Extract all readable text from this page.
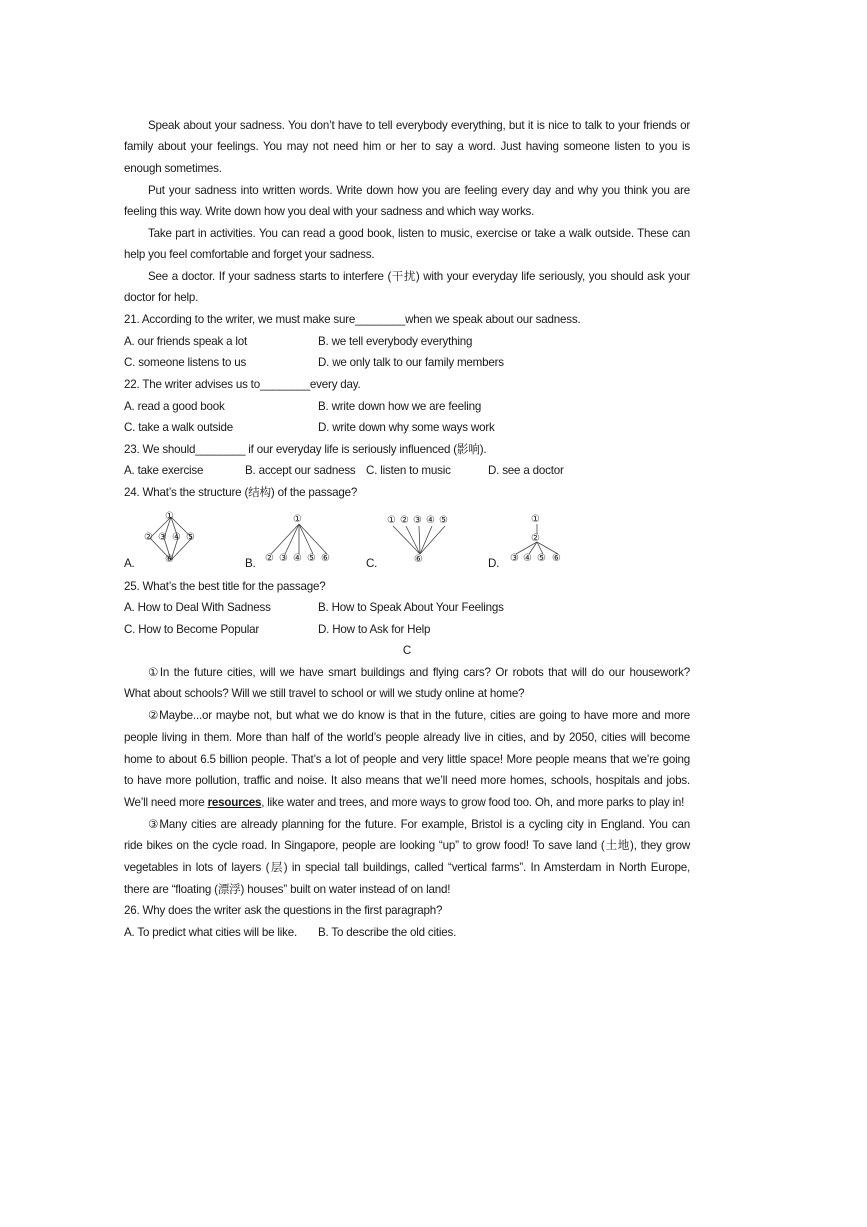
Speak about your sadness. You don’t have to tell everybody everything, but it is nice to talk to your friends or
family about your feelings. You may not need him or her to say a word. Just having someone listen to you is
enough sometimes.
Put your sadness into written words. Write down how you are feeling every day and why you think you are
feeling this way. Write down how you deal with your sadness and which way works.
Take part in activities. You can read a good book, listen to music, exercise or take a walk outside. These can
help you feel comfortable and forget your sadness.
See a doctor. If your sadness starts to interfere (干扰) with your everyday life seriously, you should ask your
doctor for help.
21. According to the writer, we must make sure________when we speak about our sadness.
A. our friends speak a lot	B. we tell everybody everything
C. someone listens to us	D. we only talk to our family members
22. The writer advises us to________every day.
A. read a good book	B. write down how we are feeling
C. take a walk outside	D. write down why some ways work
23. We should________ if our everyday life is seriously influenced (影响).
A. take exercise	B. accept our sadness C. listen to music	D. see a doctor
24. What’s the structure (结构) of the passage?
A.
①
② ③ ④ ⑤
⑥	B.
①
② ③ ④ ⑤ ⑥	C.
① ② ③ ④ ⑤
⑥	D.
①
②
③ ④ ⑤ ⑥
25. What’s the best title for the passage?
A. How to Deal With Sadness	B. How to Speak About Your Feelings
C. How to Become Popular	D. How to Ask for Help
C
①In the future cities, will we have smart buildings and flying cars? Or robots that will do our housework?
What about schools? Will we still travel to school or will we study online at home?
②Maybe...or maybe not, but what we do know is that in the future, cities are going to have more and more
people living in them. More than half of the world’s people already live in cities, and by 2050, cities will become
home to about 6.5 billion people. That’s a lot of people and very little space! More people means that we’re going
to have more pollution, traffic and noise. It also means that we’ll need more homes, schools, hospitals and jobs.
We’ll need more resources, like water and trees, and more ways to grow food too. Oh, and more parks to play in!
③Many cities are already planning for the future. For example, Bristol is a cycling city in England. You can
ride bikes on the cycle road. In Singapore, people are looking “up” to grow food! To save land (土地), they grow
vegetables in lots of layers (层) in special tall buildings, called “vertical farms”. In Amsterdam in North Europe,
there are “floating (漂浮) houses” built on water instead of on land!
26. Why does the writer ask the questions in the first paragraph?
A. To predict what cities will be like. B. To describe the old cities.
